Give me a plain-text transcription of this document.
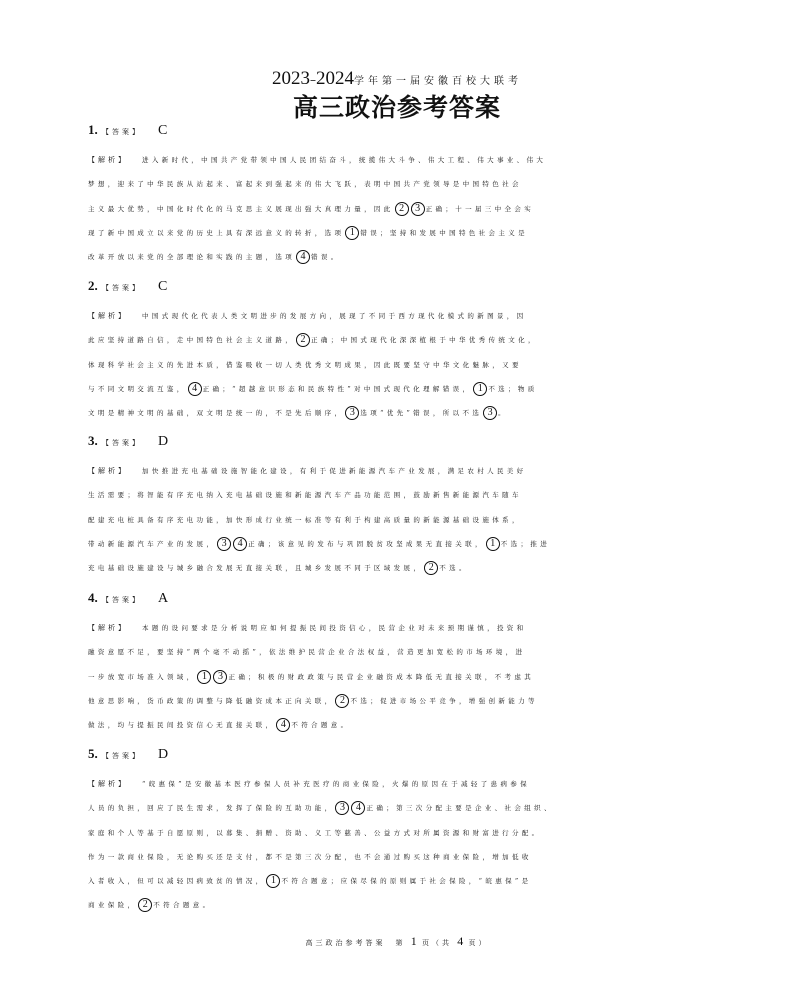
2023–2024学年第一届安徽百校大联考
高三政治参考答案
1. 【答案】	C
【解析】 进入新时代，中国共产党带领中国人民团结奋斗，统揽伟大斗争、伟大工程、伟大事业、伟大
梦想，迎来了中华民族从站起来、富起来到强起来的伟大飞跃，表明中国共产党领导是中国特色社会
主义最大优势，中国化时代化的马克思主义展现出强大真理力量，因此 2 3 正确；十一届三中全会实
现了新中国成立以来党的历史上具有深远意义的转折，选项 1 错误；坚持和发展中国特色社会主义是
改革开放以来党的全部理论和实践的主题，选项 4 错误。
2. 【答案】	C
【解析】 中国式现代化代表人类文明进步的发展方向，展现了不同于西方现代化模式的新图景，因
此应坚持道路自信，走中国特色社会主义道路， 2 正确；中国式现代化深深植根于中华优秀传统文化，
体现科学社会主义的先进本质，借鉴吸收一切人类优秀文明成果，因此既要坚守中华文化魅脉，又要
与不同文明交流互鉴， 4 正确；“超越意识形态和民族特性”对中国式现代化理解错误， 1 不选；物质
文明是精神文明的基础，双文明是统一的，不是先后顺序， 3 选项“优先”错误，所以不选 3 。
3. 【答案】	D
【解析】 加快推进充电基础设施智能化建设，有利于促进新能源汽车产业发展，满足农村人民美好
生活需要；将智能有序充电纳入充电基础设施和新能源汽车产品功能范围，鼓励新售新能源汽车随车
配建充电桩具备有序充电功能，加快形成行业统一标准等有利于构建高质量的新能源基础设施体系，
带动新能源汽车产业的发展， 3 4 正确；该意见的发布与巩固脱贫攻坚成果无直接关联， 1 不选；推进
充电基础设施建设与城乡融合发展无直接关联，且城乡发展不同于区域发展， 2 不选。
4. 【答案】	A
【解析】 本题的设问要求是分析说明应如何提振民间投资信心，民营企业对未来预期谨慎，投资和
融资意愿不足，要坚持“两个毫不动摇”，依法维护民营企业合法权益，营造更加宽松的市场环境，进
一步放宽市场准入领域， 1 3 正确；积极的财政政策与民营企业融资成本降低无直接关联，不考虑其
他意思影响，货币政策的调整与降低融资成本正向关联， 2 不选；促进市场公平竞争，增强创新能力等
做法，均与提振民间投资信心无直接关联， 4 不符合题意。
5. 【答案】	D
【解析】 “皖惠保”是安徽基本医疗参保人员补充医疗的商业保险，火爆的原因在于减轻了患病参保
人员的负担，回应了民生需求，发挥了保险的互助功能， 3 4 正确；第三次分配主要是企业、社会组织、
家庭和个人等基于自愿原则，以募集、捐赠、资助、义工等慈善、公益方式对所属资源和财富进行分配。
作为一款商业保险，无论购买还是支付，都不是第三次分配，也不会通过购买这种商业保险，增加低收
入者收入，但可以减轻因病致贫的情况， 1 不符合题意；应保尽保的原则属于社会保险，“皖惠保”是
商业保险， 2 不符合题意。
高三政治参考答案　第 1 页（共 4 页）
